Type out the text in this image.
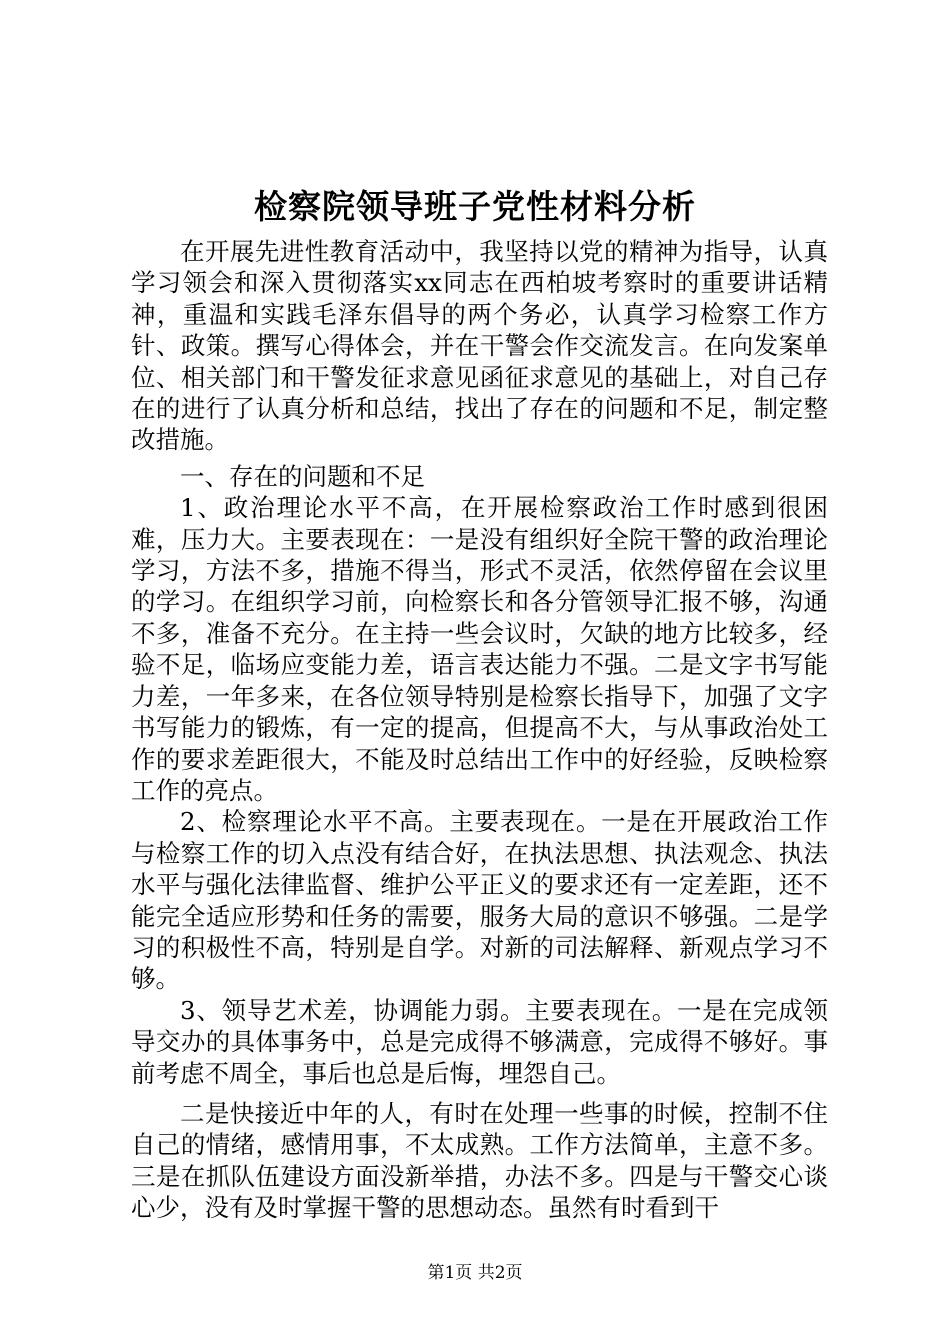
检察院领导班子党性材料分析

在开展先进性教育活动中，我坚持以党的精神为指导，认真学习领会和深入贯彻落实xx同志在西柏坡考察时的重要讲话精神，重温和实践毛泽东倡导的两个务必，认真学习检察工作方针、政策。撰写心得体会，并在干警会作交流发言。在向发案单位、相关部门和干警发征求意见函征求意见的基础上，对自己存在的进行了认真分析和总结，找出了存在的问题和不足，制定整改措施。

一、存在的问题和不足

1、政治理论水平不高，在开展检察政治工作时感到很困难，压力大。主要表现在：一是没有组织好全院干警的政治理论学习，方法不多，措施不得当，形式不灵活，依然停留在会议里的学习。在组织学习前，向检察长和各分管领导汇报不够，沟通不多，准备不充分。在主持一些会议时，欠缺的地方比较多，经验不足，临场应变能力差，语言表达能力不强。二是文字书写能力差，一年多来，在各位领导特别是检察长指导下，加强了文字书写能力的锻炼，有一定的提高，但提高不大，与从事政治处工作的要求差距很大，不能及时总结出工作中的好经验，反映检察工作的亮点。

2、检察理论水平不高。主要表现在。一是在开展政治工作与检察工作的切入点没有结合好，在执法思想、执法观念、执法水平与强化法律监督、维护公平正义的要求还有一定差距，还不能完全适应形势和任务的需要，服务大局的意识不够强。二是学习的积极性不高，特别是自学。对新的司法解释、新观点学习不够。

3、领导艺术差，协调能力弱。主要表现在。一是在完成领导交办的具体事务中，总是完成得不够满意，完成得不够好。事前考虑不周全，事后也总是后悔，埋怨自己。

二是快接近中年的人，有时在处理一些事的时候，控制不住自己的情绪，感情用事，不太成熟。工作方法简单，主意不多。三是在抓队伍建设方面没新举措，办法不多。四是与干警交心谈心少，没有及时掌握干警的思想动态。虽然有时看到干

第1页 共2页
